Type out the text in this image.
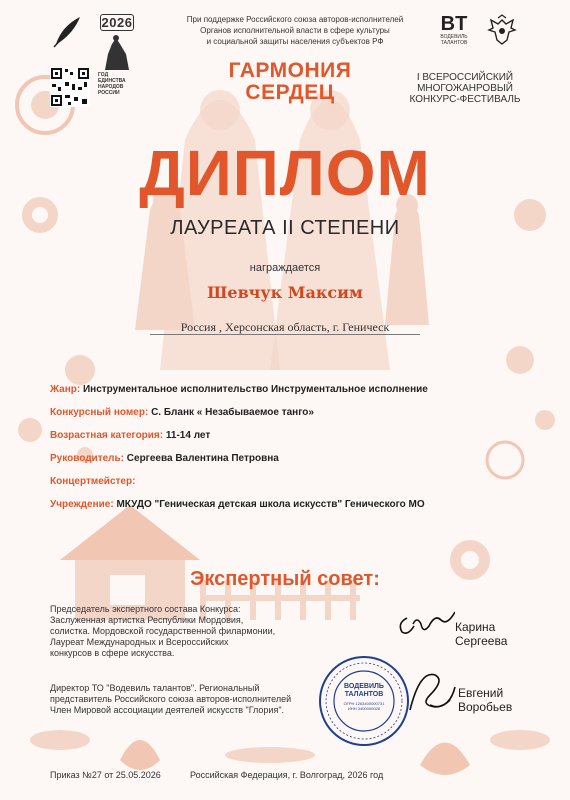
2026
ГОД
ЕДИНСТВА
НАРОДОВ
РОССИИ
При поддержке Российского союза авторов-исполнителей
Органов исполнительной власти в сфере культуры
и социальной защиты населения субъектов РФ
BT
ВОДЕВИЛЬ
ТАЛАНТОВ
ГАРМОНИЯ
СЕРДЕЦ
I ВСЕРОССИЙСКИЙ
МНОГОЖАНРОВЫЙ
КОНКУРС-ФЕСТИВАЛЬ
ДИПЛОМ
ЛАУРЕАТА II СТЕПЕНИ
награждается
Шевчук Максим
Россия , Херсонская область, г. Геническ
Жанр: Инструментальное исполнительство Инструментальное исполнение
Конкурсный номер: С. Бланк « Незабываемое танго»
Возрастная категория: 11-14 лет
Руководитель: Сергеева Валентина Петровна
Концертмейстер:
Учреждение: МКУДО "Геническая детская школа искусств" Генического МО
Экспертный совет:
Председатель экспертного состава Конкурса:
Заслуженная артистка Республики Мордовия,
солистка. Мордовской государственной филармонии,
Лауреат Международных и Всероссийских
конкурсов в сфере искусства.
Карина
Сергеева
Директор ТО "Водевиль талантов". Региональный
представитель Российского союза авторов-исполнителей
Член Мировой ассоциации деятелей искусств "Глория".
ВОДЕВИЛЬ
ТАЛАНТОВ
ОГРН 1263400000731
ИНН 3400000028
Евгений
Воробьев
Приказ №27 от 25.05.2026	Российская Федерация, г. Волгоград, 2026 год
